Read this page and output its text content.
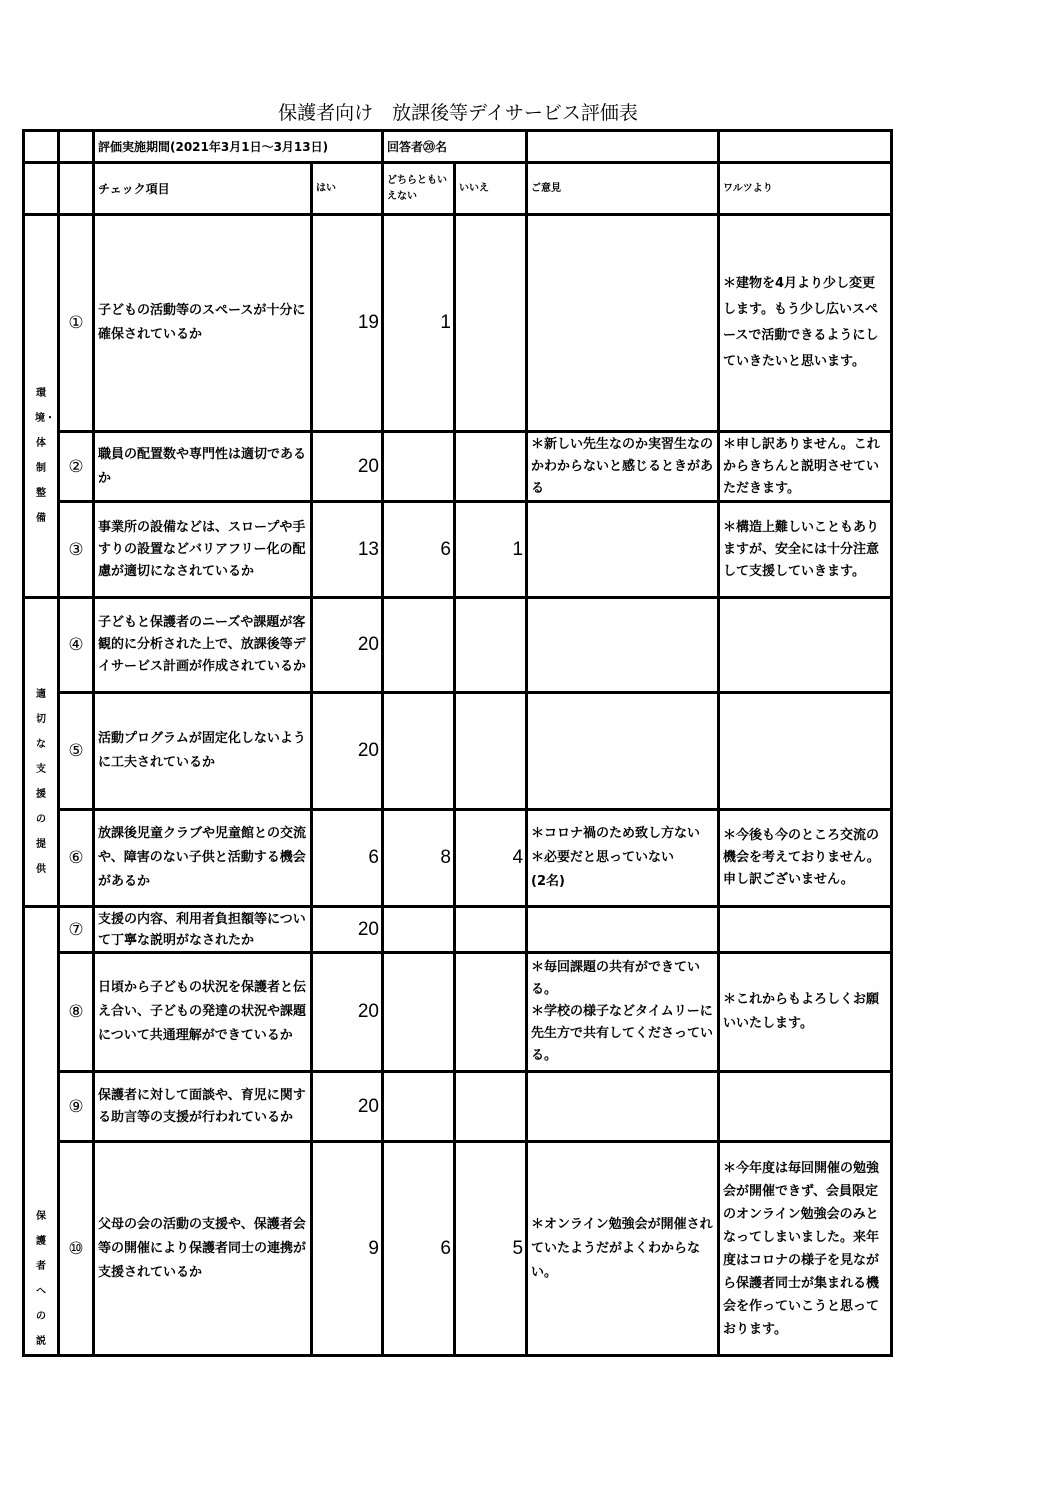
保護者向け　放課後等デイサービス評価表
		評価実施期間(2021年3月1日～3月13日)		回答者⑳名			
		チェック項目	はい	どちらともいえない	いいえ	ご意見	ワルツより
環境・体制整備	①	子どもの活動等のスペースが十分に確保されているか	19	1			＊建物を4月より少し変更します。もう少し広いスペースで活動できるようにしていきたいと思います。
	②	職員の配置数や専門性は適切であるか	20			＊新しい先生なのか実習生なのかわからないと感じるときがある	＊申し訳ありません。これからきちんと説明させていただきます。
	③	事業所の設備などは、スロープや手すりの設置などバリアフリー化の配慮が適切になされているか	13	6	1		＊構造上難しいこともありますが、安全には十分注意して支援していきます。
適切な支援の提供	④	子どもと保護者のニーズや課題が客観的に分析された上で、放課後等デイサービス計画が作成されているか	20				
	⑤	活動プログラムが固定化しないように工夫されているか	20				
	⑥	放課後児童クラブや児童館との交流や、障害のない子供と活動する機会があるか	6	8	4	＊コロナ禍のため致し方ない
＊必要だと思っていない
(2名)	＊今後も今のところ交流の機会を考えておりません。申し訳ございません。
保護者への説	⑦	支援の内容、利用者負担額等について丁寧な説明がなされたか	20				
	⑧	日頃から子どもの状況を保護者と伝え合い、子どもの発達の状況や課題について共通理解ができているか	20			＊毎回課題の共有ができている。
＊学校の様子などタイムリーに先生方で共有してくださっている。	＊これからもよろしくお願いいたします。
	⑨	保護者に対して面談や、育児に関する助言等の支援が行われているか	20				
	⑩	父母の会の活動の支援や、保護者会等の開催により保護者同士の連携が支援されているか	9	6	5	＊オンライン勉強会が開催されていたようだがよくわからない。	＊今年度は毎回開催の勉強会が開催できず、会員限定のオンライン勉強会のみとなってしまいました。来年度はコロナの様子を見ながら保護者同士が集まれる機会を作っていこうと思っております。
